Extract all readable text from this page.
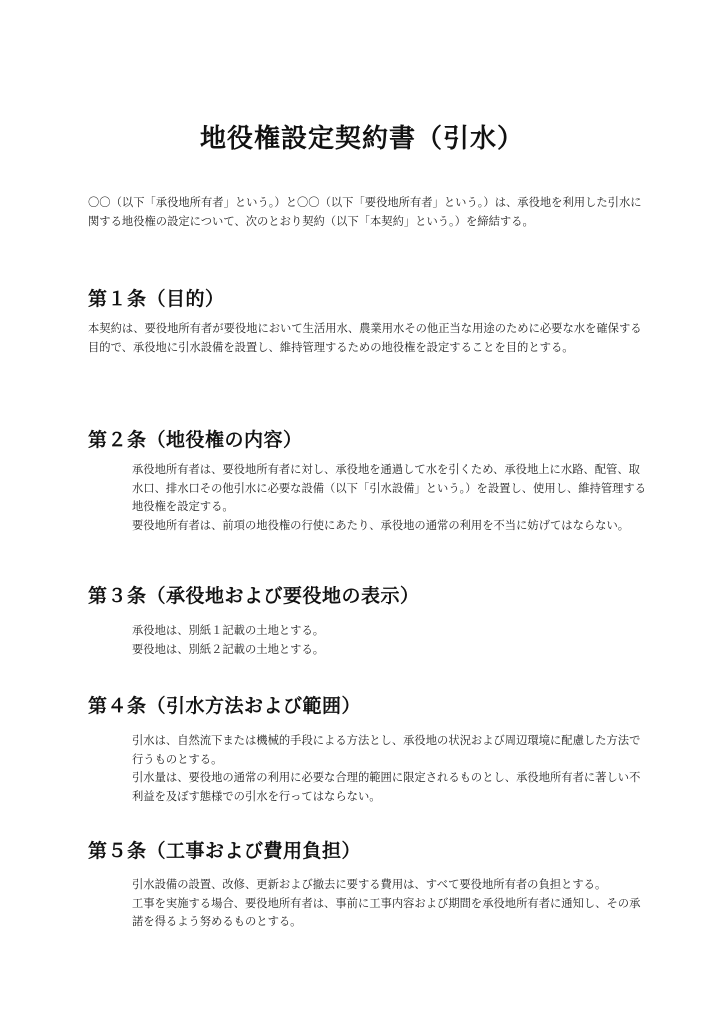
地役権設定契約書（引水）

〇〇（以下「承役地所有者」という。）と〇〇（以下「要役地所有者」という。）は、承役地を利用した引水に関する地役権の設定について、次のとおり契約（以下「本契約」という。）を締結する。

第１条（目的）

本契約は、要役地所有者が要役地において生活用水、農業用水その他正当な用途のために必要な水を確保する目的で、承役地に引水設備を設置し、維持管理するための地役権を設定することを目的とする。

第２条（地役権の内容）

承役地所有者は、要役地所有者に対し、承役地を通過して水を引くため、承役地上に水路、配管、取水口、排水口その他引水に必要な設備（以下「引水設備」という。）を設置し、使用し、維持管理する地役権を設定する。

要役地所有者は、前項の地役権の行使にあたり、承役地の通常の利用を不当に妨げてはならない。

第３条（承役地および要役地の表示）

承役地は、別紙１記載の土地とする。

要役地は、別紙２記載の土地とする。

第４条（引水方法および範囲）

引水は、自然流下または機械的手段による方法とし、承役地の状況および周辺環境に配慮した方法で行うものとする。

引水量は、要役地の通常の利用に必要な合理的範囲に限定されるものとし、承役地所有者に著しい不利益を及ぼす態様での引水を行ってはならない。

第５条（工事および費用負担）

引水設備の設置、改修、更新および撤去に要する費用は、すべて要役地所有者の負担とする。

工事を実施する場合、要役地所有者は、事前に工事内容および期間を承役地所有者に通知し、その承諾を得るよう努めるものとする。
